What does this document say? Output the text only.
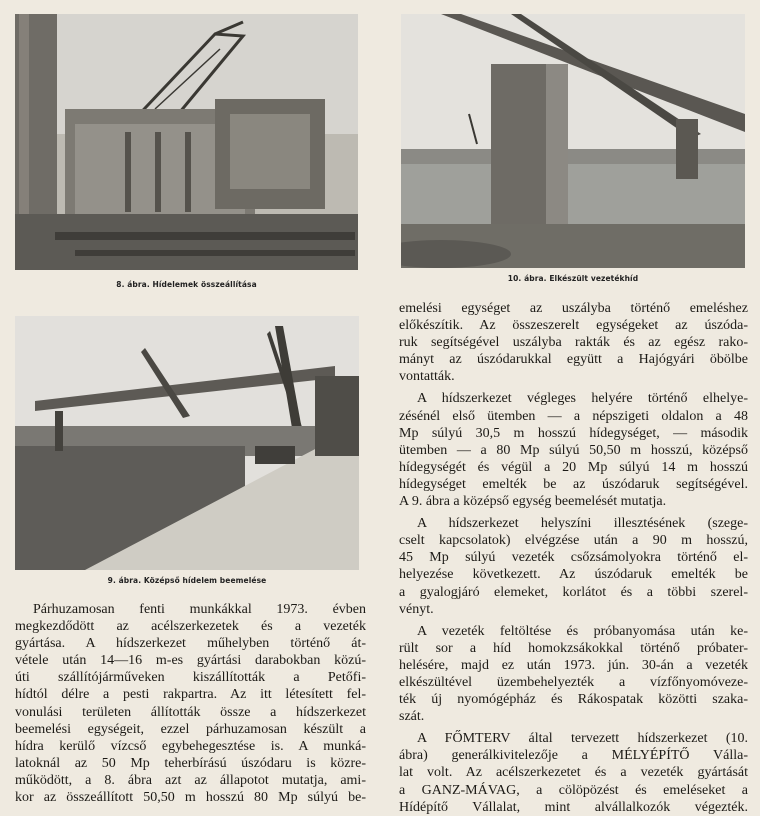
8. ábra. Hídelemek összeállítása
10. ábra. Elkészült vezetékhíd
9. ábra. Középső hídelem beemelése

Párhuzamosan fenti munkákkal 1973. évben
megkezdődött az acélszerkezetek és a vezeték
gyártása. A hídszerkezet műhelyben történő át-
vétele után 14—16 m-es gyártási darabokban közú-
úti szállítójárműveken kiszállították a Petőfi-
hídtól délre a pesti rakpartra. Az itt létesített fel-
vonulási területen állították össze a hídszerkezet
beemelési egységeit, ezzel párhuzamosan készült a
hídra kerülő vízcső egybehegesztése is. A munká-
latoknál az 50 Mp teherbírású úszódaru is közre-
működött, a 8. ábra azt az állapotot mutatja, ami-
kor az összeállított 50,50 m hosszú 80 Mp súlyú be-

emelési egységet az uszályba történő emeléshez
előkészítik. Az összeszerelt egységeket az úszóda-
ruk segítségével uszályba rakták és az egész rako-
mányt az úszódarukkal együtt a Hajógyári öbölbe
vontatták.

A hídszerkezet végleges helyére történő elhelye-
zésénél első ütemben — a népszigeti oldalon a 48
Mp súlyú 30,5 m hosszú hídegységet, — második
ütemben — a 80 Mp súlyú 50,50 m hosszú, középső
hídegységét és végül a 20 Mp súlyú 14 m hosszú
hídegységet emelték be az úszódaruk segítségével.
A 9. ábra a középső egység beemelését mutatja.

A hídszerkezet helyszíni illesztésének (szege-
cselt kapcsolatok) elvégzése után a 90 m hosszú,
45 Mp súlyú vezeték csőzsámolyokra történő el-
helyezése következett. Az úszódaruk emelték be
a gyalogjáró elemeket, korlátot és a többi szerel-
vényt.

A vezeték feltöltése és próbanyomása után ke-
rült sor a híd homokzsákokkal történő próbater-
helésére, majd ez után 1973. jún. 30-án a vezeték
elkészültével üzembehelyezték a vízfőnyomóveze-
ték új nyomógépház és Rákospatak közötti szaka-
szát.

A FŐMTERV által tervezett hídszerkezet (10.
ábra) generálkivitelezője a MÉLYÉPÍTŐ Válla-
lat volt. Az acélszerkezetet és a vezeték gyártását
a GANZ-MÁVAG, a cölöpözést és emeléseket a
Hídépítő Vállalat, mint alvállalkozók végezték.
